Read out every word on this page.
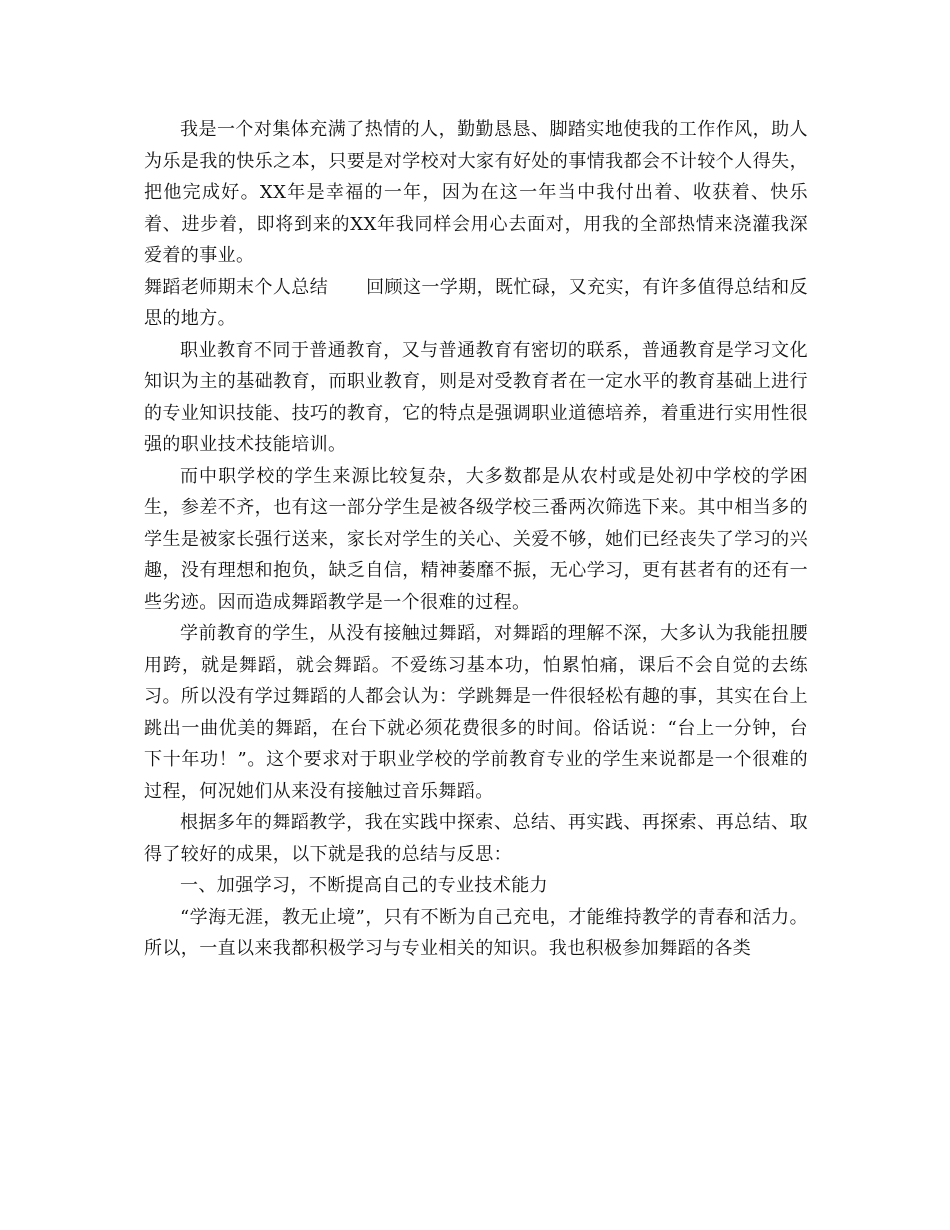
我是一个对集体充满了热情的人，勤勤恳恳、脚踏实地使我的工作作风，助人为乐是我的快乐之本，只要是对学校对大家有好处的事情我都会不计较个人得失，把他完成好。XX年是幸福的一年，因为在这一年当中我付出着、收获着、快乐着、进步着，即将到来的XX年我同样会用心去面对，用我的全部热情来浇灌我深爱着的事业。

舞蹈老师期末个人总结 回顾这一学期，既忙碌，又充实，有许多值得总结和反思的地方。

职业教育不同于普通教育，又与普通教育有密切的联系，普通教育是学习文化知识为主的基础教育，而职业教育，则是对受教育者在一定水平的教育基础上进行的专业知识技能、技巧的教育，它的特点是强调职业道德培养，着重进行实用性很强的职业技术技能培训。

而中职学校的学生来源比较复杂，大多数都是从农村或是处初中学校的学困生，参差不齐，也有这一部分学生是被各级学校三番两次筛选下来。其中相当多的学生是被家长强行送来，家长对学生的关心、关爱不够，她们已经丧失了学习的兴趣，没有理想和抱负，缺乏自信，精神萎靡不振，无心学习，更有甚者有的还有一些劣迹。因而造成舞蹈教学是一个很难的过程。

学前教育的学生，从没有接触过舞蹈，对舞蹈的理解不深，大多认为我能扭腰用跨，就是舞蹈，就会舞蹈。不爱练习基本功，怕累怕痛，课后不会自觉的去练习。所以没有学过舞蹈的人都会认为：学跳舞是一件很轻松有趣的事，其实在台上跳出一曲优美的舞蹈，在台下就必须花费很多的时间。俗话说：“台上一分钟，台下十年功！”。这个要求对于职业学校的学前教育专业的学生来说都是一个很难的过程，何况她们从来没有接触过音乐舞蹈。

根据多年的舞蹈教学，我在实践中探索、总结、再实践、再探索、再总结、取得了较好的成果，以下就是我的总结与反思：

一、加强学习，不断提高自己的专业技术能力

“学海无涯，教无止境”，只有不断为自己充电，才能维持教学的青春和活力。所以，一直以来我都积极学习与专业相关的知识。我也积极参加舞蹈的各类
